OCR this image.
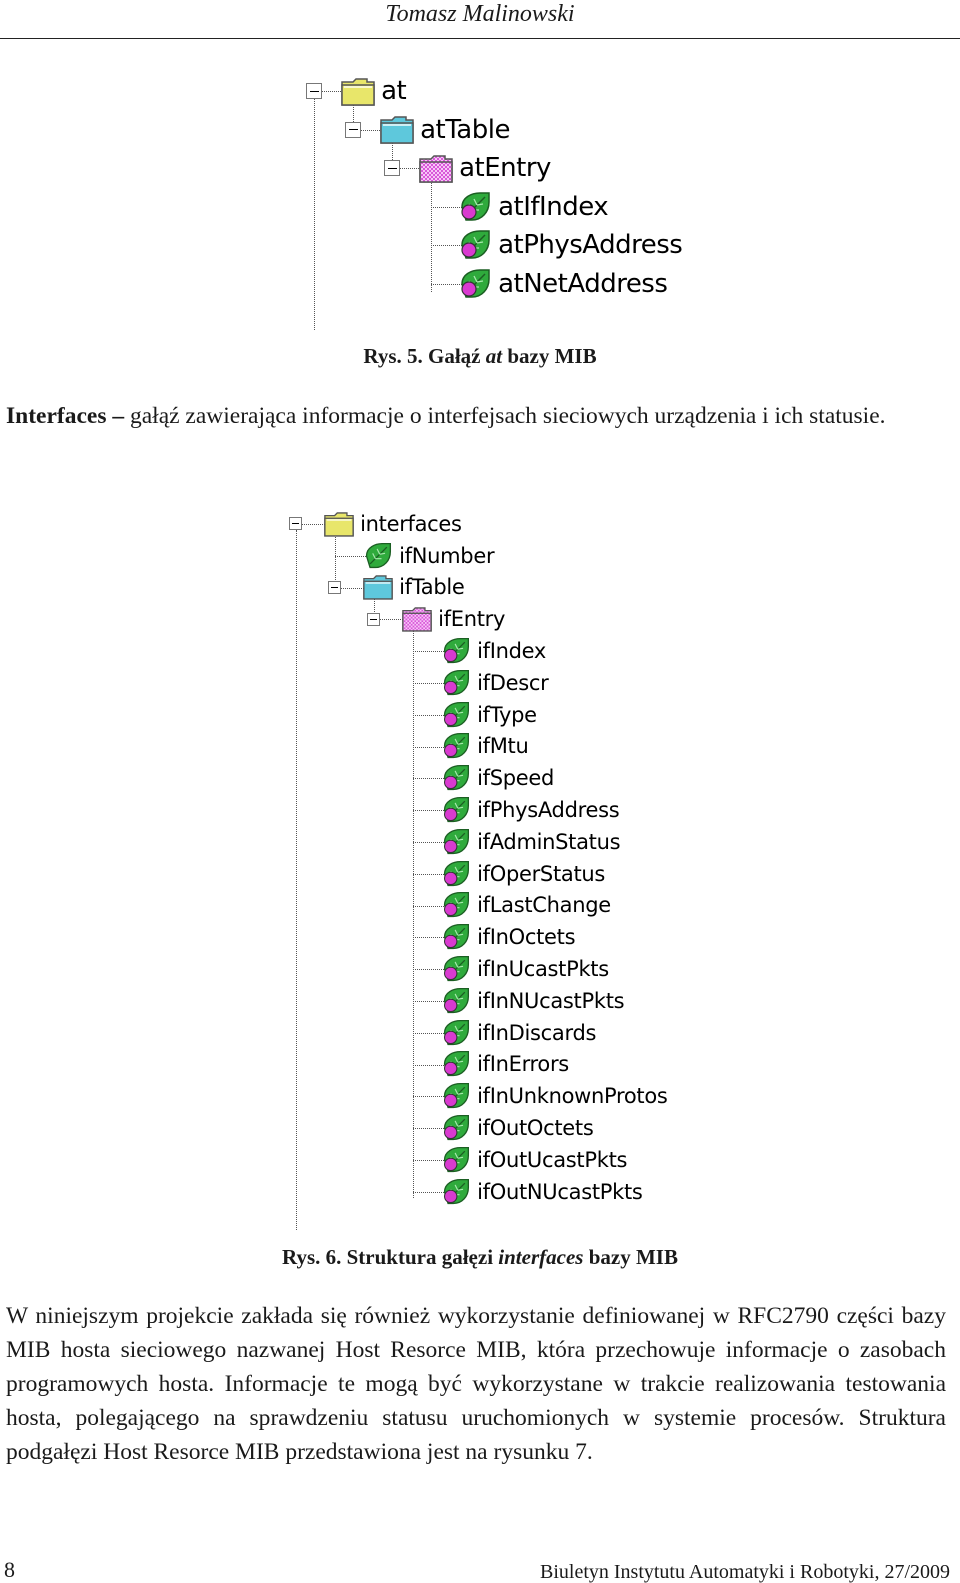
Tomasz Malinowski
at
atTable
atEntry
atIfIndex
atPhysAddress
atNetAddress
Rys. 5. Gałąź at bazy MIB
Interfaces – gałąź zawierająca informacje o interfejsach sieciowych urządzenia i ich statusie.
interfaces
ifNumber
ifTable
ifEntry
ifIndex
ifDescr
ifType
ifMtu
ifSpeed
ifPhysAddress
ifAdminStatus
ifOperStatus
ifLastChange
ifInOctets
ifInUcastPkts
ifInNUcastPkts
ifInDiscards
ifInErrors
ifInUnknownProtos
ifOutOctets
ifOutUcastPkts
ifOutNUcastPkts
Rys. 6. Struktura gałęzi interfaces bazy MIB
W niniejszym projekcie zakłada się również wykorzystanie definiowanej w RFC2790 części bazy MIB hosta sieciowego nazwanej Host Resorce MIB, która przechowuje informacje o zasobach programowych hosta. Informacje te mogą być wykorzystane w trakcie realizowania testowania hosta, polegającego na sprawdzeniu statusu uruchomionych w systemie procesów. Struktura podgałęzi Host Resorce MIB przedstawiona jest na rysunku 7.
8	Biuletyn Instytutu Automatyki i Robotyki, 27/2009
